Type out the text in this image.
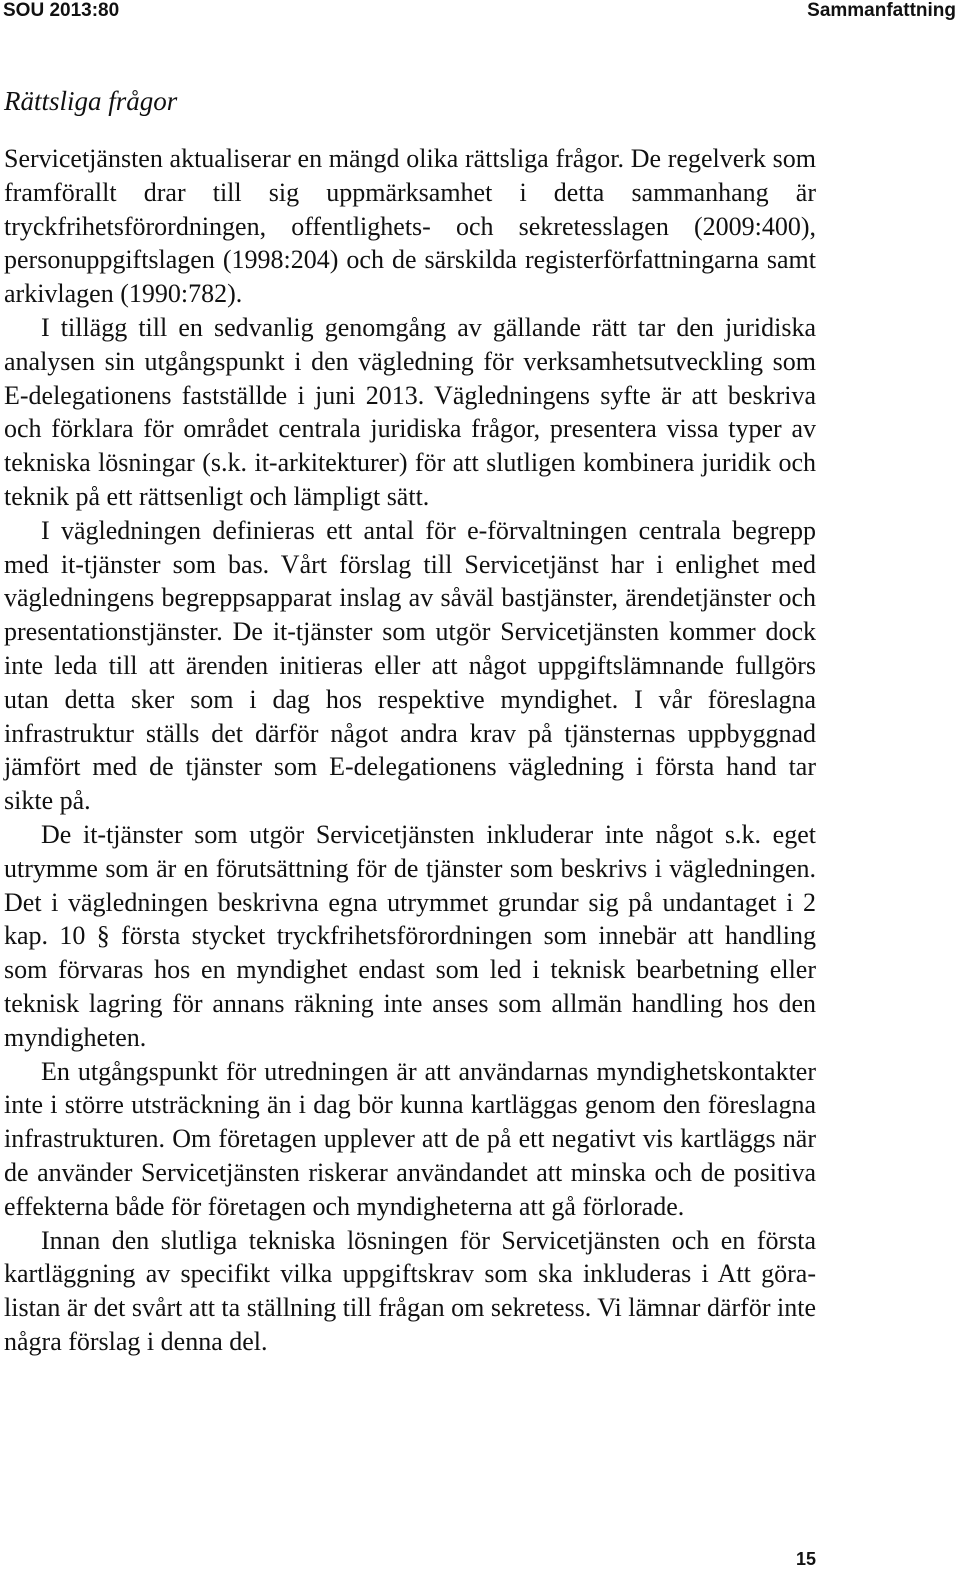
SOU 2013:80	Sammanfattning
Rättsliga frågor

Servicetjänsten aktualiserar en mängd olika rättsliga frågor. De regelverk som framförallt drar till sig uppmärksamhet i detta sammanhang är tryckfrihetsförordningen, offentlighets- och sekretesslagen (2009:400), personuppgiftslagen (1998:204) och de särskilda registerförfattningarna samt arkivlagen (1990:782).

I tillägg till en sedvanlig genomgång av gällande rätt tar den juridiska analysen sin utgångspunkt i den vägledning för verksamhetsutveckling som E-delegationens fastställde i juni 2013. Vägledningens syfte är att beskriva och förklara för området centrala juridiska frågor, presentera vissa typer av tekniska lösningar (s.k. it-arkitekturer) för att slutligen kombinera juridik och teknik på ett rättsenligt och lämpligt sätt.

I vägledningen definieras ett antal för e-förvaltningen centrala begrepp med it-tjänster som bas. Vårt förslag till Servicetjänst har i enlighet med vägledningens begreppsapparat inslag av såväl bastjänster, ärendetjänster och presentationstjänster. De it-tjänster som utgör Servicetjänsten kommer dock inte leda till att ärenden initieras eller att något uppgiftslämnande fullgörs utan detta sker som i dag hos respektive myndighet. I vår föreslagna infrastruktur ställs det därför något andra krav på tjänsternas uppbyggnad jämfört med de tjänster som E-delegationens vägledning i första hand tar sikte på.

De it-tjänster som utgör Servicetjänsten inkluderar inte något s.k. eget utrymme som är en förutsättning för de tjänster som beskrivs i vägledningen. Det i vägledningen beskrivna egna utrymmet grundar sig på undantaget i 2 kap. 10 § första stycket tryckfrihetsförordningen som innebär att handling som förvaras hos en myndighet endast som led i teknisk bearbetning eller teknisk lagring för annans räkning inte anses som allmän handling hos den myndigheten.

En utgångspunkt för utredningen är att användarnas myndighetskontakter inte i större utsträckning än i dag bör kunna kartläggas genom den föreslagna infrastrukturen. Om företagen upplever att de på ett negativt vis kartläggs när de använder Servicetjänsten riskerar användandet att minska och de positiva effekterna både för företagen och myndigheterna att gå förlorade.

Innan den slutliga tekniska lösningen för Servicetjänsten och en första kartläggning av specifikt vilka uppgiftskrav som ska inkluderas i Att göra-listan är det svårt att ta ställning till frågan om sekretess. Vi lämnar därför inte några förslag i denna del.

15
